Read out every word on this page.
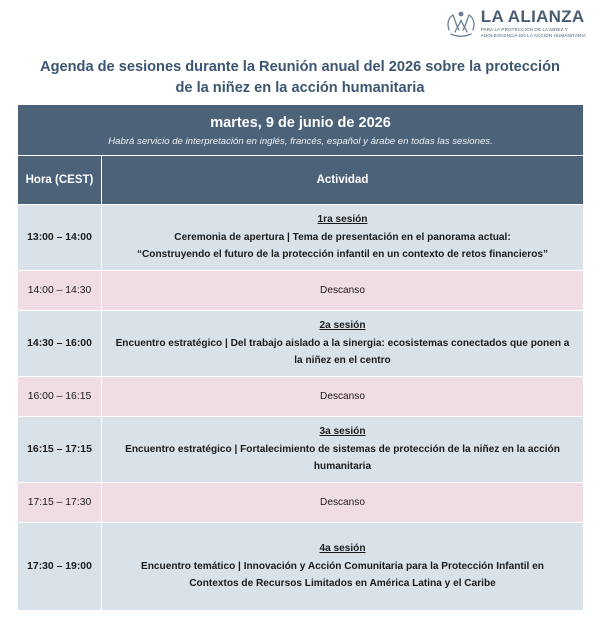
LA ALIANZA
PARA LA PROTECCIÓN DE LA NIÑEZ Y
ADOLESCENCIA EN LA ACCIÓN HUMANITARIA
Agenda de sesiones durante la Reunión anual del 2026 sobre la protección
de la niñez en la acción humanitaria
martes, 9 de junio de 2026
Habrá servicio de interpretación en inglés, francés, español y árabe en todas las sesiones.	

Hora (CEST)	Actividad
13:00 – 14:00	1ra sesión
Ceremonia de apertura | Tema de presentación en el panorama actual:
“Construyendo el futuro de la protección infantil en un contexto de retos financieros”

14:00 – 14:30	Descanso
14:30 – 16:00	2a sesión
Encuentro estratégico | Del trabajo aislado a la sinergia: ecosistemas conectados que ponen a
la niñez en el centro

16:00 – 16:15	Descanso
16:15 – 17:15	3a sesión
Encuentro estratégico | Fortalecimiento de sistemas de protección de la niñez en la acción
humanitaria

17:15 – 17:30	Descanso
17:30 – 19:00	4a sesión
Encuentro temático | Innovación y Acción Comunitaria para la Protección Infantil en
Contextos de Recursos Limitados en América Latina y el Caribe
